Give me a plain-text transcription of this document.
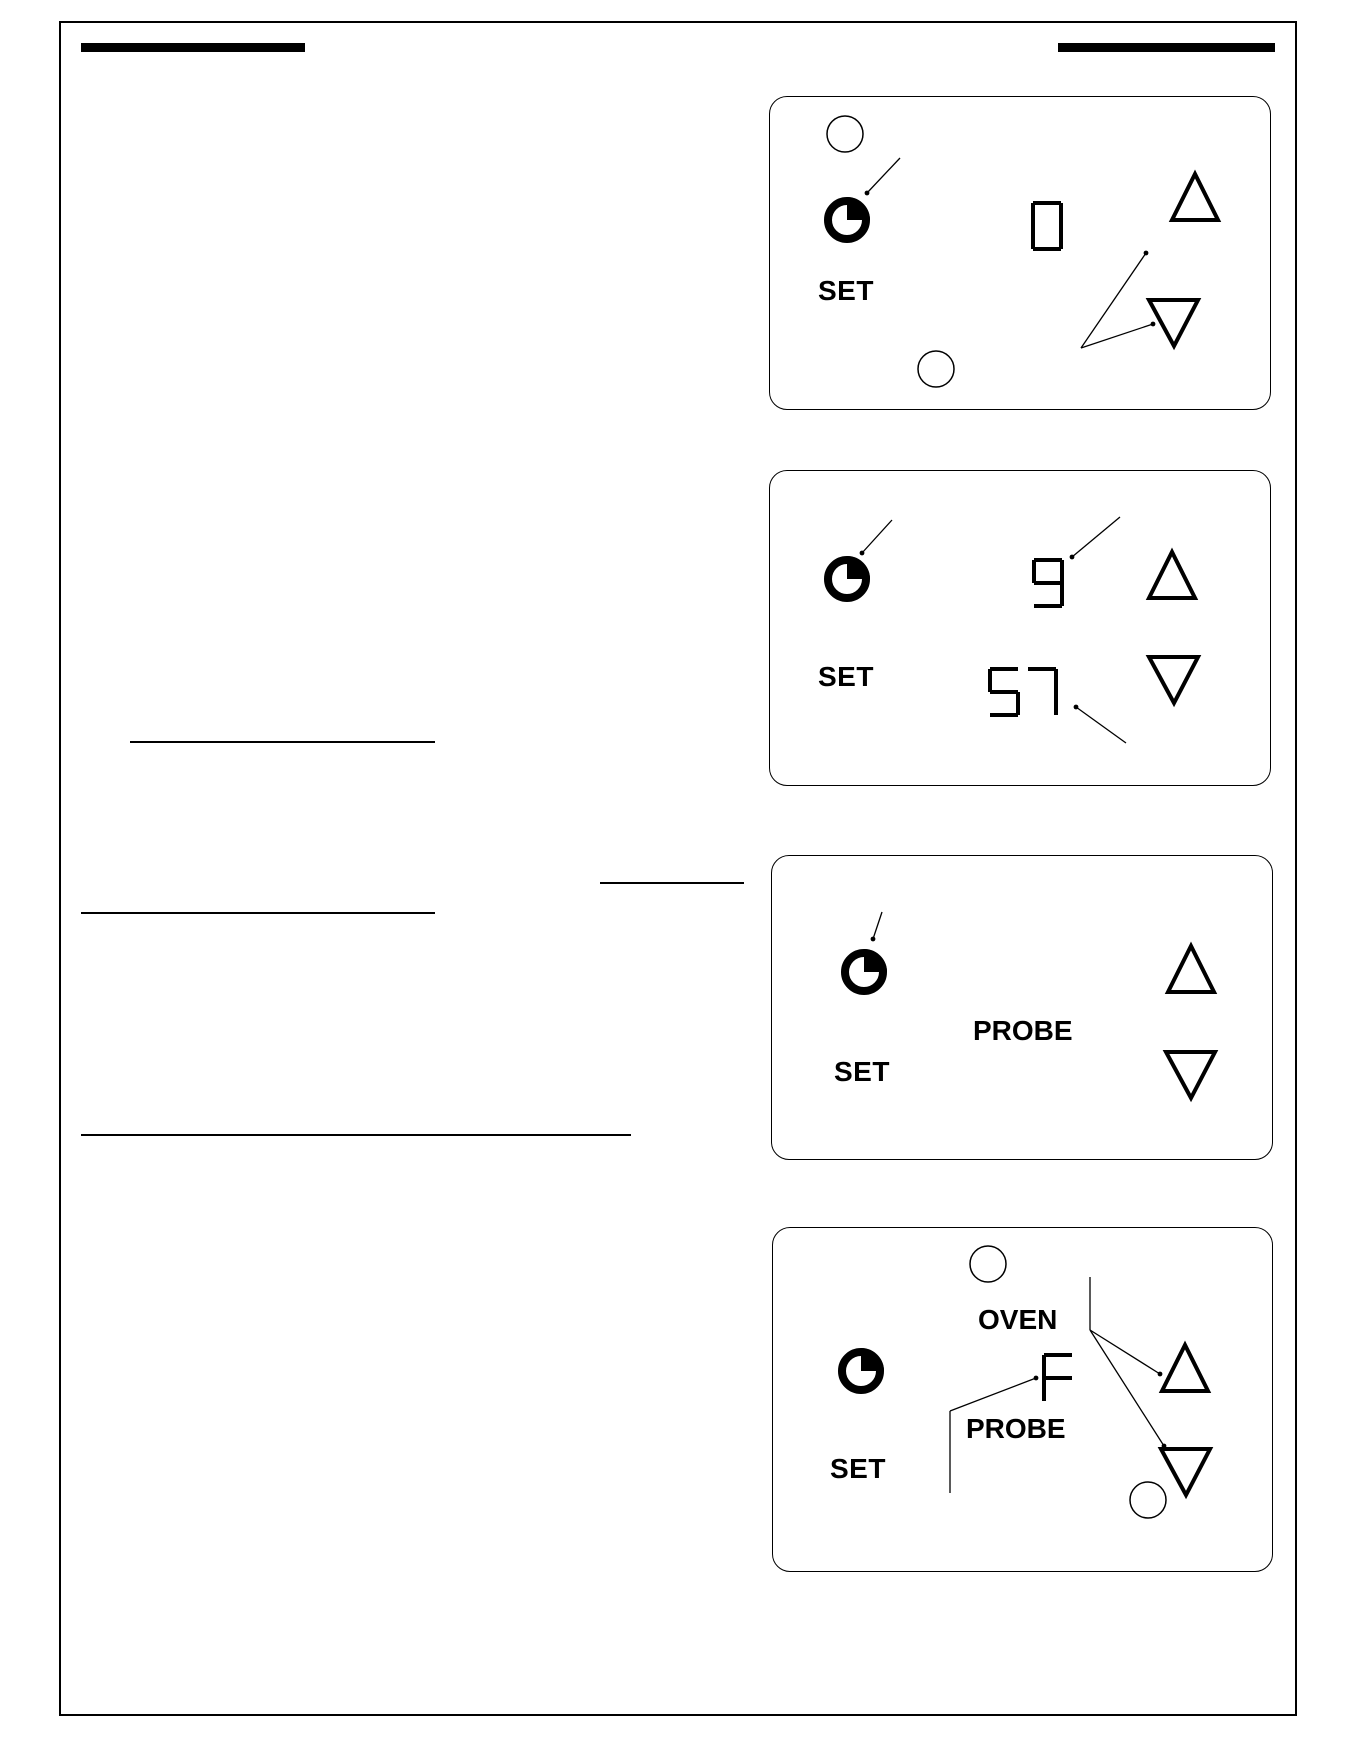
SET
SET
PROBE
SET
OVEN
PROBE
SET
